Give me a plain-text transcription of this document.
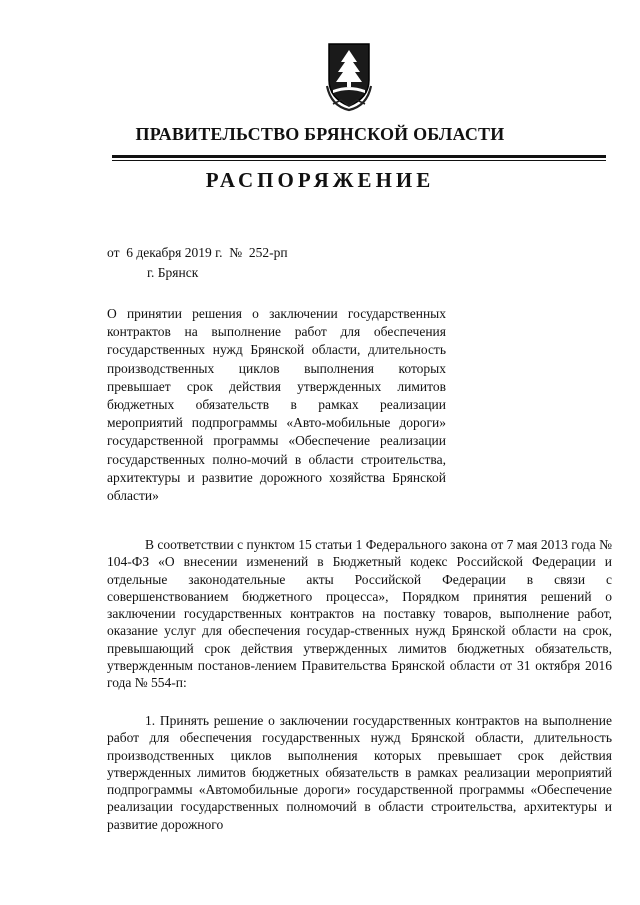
ПРАВИТЕЛЬСТВО БРЯНСКОЙ ОБЛАСТИ
РАСПОРЯЖЕНИЕ
от  6 декабря 2019 г.  №  252-рп
г. Брянск
О принятии решения о заключении государственных контрактов на выполнение работ для обеспечения государственных нужд Брянской области, длительность производственных циклов выполнения которых превышает срок действия утвержденных лимитов бюджетных обязательств в рамках реализации мероприятий подпрограммы «Авто-мобильные дороги» государственной программы «Обеспечение реализации государственных полно-мочий в области строительства, архитектуры и развитие дорожного хозяйства Брянской области»
В соответствии с пунктом 15 статьи 1 Федерального закона от 7 мая 2013 года № 104-ФЗ «О внесении изменений в Бюджетный кодекс Российской Федерации и отдельные законодательные акты Российской Федерации в связи с совершенствованием бюджетного процесса», Порядком принятия решений о заключении государственных контрактов на поставку товаров, выполнение работ, оказание услуг для обеспечения государ-ственных нужд Брянской области на срок, превышающий срок действия утвержденных лимитов бюджетных обязательств, утвержденным постанов-лением Правительства Брянской области от 31 октября 2016 года № 554-п:
1. Принять решение о заключении государственных контрактов на выполнение работ для обеспечения государственных нужд Брянской области, длительность производственных циклов выполнения которых превышает срок действия утвержденных лимитов бюджетных обязательств в рамках реализации мероприятий подпрограммы «Автомобильные дороги» государственной программы «Обеспечение реализации государственных полномочий в области строительства, архитектуры и развитие дорожного
